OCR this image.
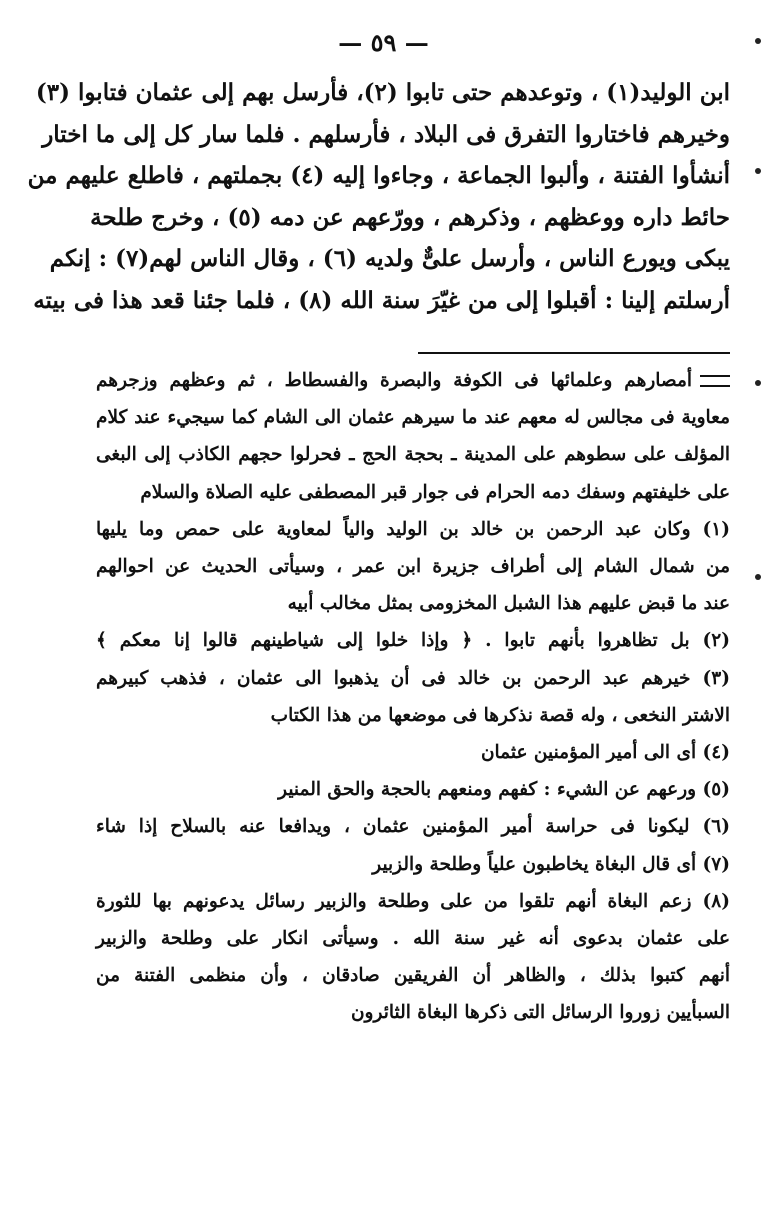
— ٥٩ —
ابن الوليد(١) ، وتوعدهم حتى تابوا (٢)، فأرسل بهم إلى عثمان فتابوا (٣)
وخيرهم فاختاروا التفرق فى البلاد ، فأرسلهم . فلما سار كل إلى ما اختار
أنشأوا الفتنة ، وألبوا الجماعة ، وجاءوا إليه (٤) بجملتهم ، فاطلع عليهم من
حائط داره ووعظهم ، وذكرهم ، وورّعهم عن دمه (٥) ، وخرج طلحة
يبكى ويورع الناس ، وأرسل علىٌّ ولديه (٦) ، وقال الناس لهم(٧) : إنكم
أرسلتم إلينا : أقبلوا إلى من غيّرَ سنة الله (٨) ، فلما جئنا قعد هذا فى بيته
أمصارهم وعلمائها فى الكوفة والبصرة والفسطاط ، ثم وعظهم وزجرهم
معاوية فى مجالس له معهم عند ما سيرهم عثمان الى الشام كما سيجيء عند كلام
المؤلف على سطوهم على المدينة ـ بحجة الحج ـ فحرلوا حجهم الكاذب إلى البغى
على خليفتهم وسفك دمه الحرام فى جوار قبر المصطفى عليه الصلاة والسلام
(١) وكان عبد الرحمن بن خالد بن الوليد والياً لمعاوية على حمص وما يليها
من شمال الشام إلى أطراف جزيرة ابن عمر ، وسيأتى الحديث عن احوالهم
عند ما قبض عليهم هذا الشبل المخزومى بمثل مخالب أبيه
(٢) بل تظاهروا بأنهم تابوا . ﴿ وإذا خلوا إلى شياطينهم قالوا إنا معكم ﴾
(٣) خيرهم عبد الرحمن بن خالد فى أن يذهبوا الى عثمان ، فذهب كبيرهم
الاشتر النخعى ، وله قصة نذكرها فى موضعها من هذا الكتاب
(٤) أى الى أمير المؤمنين عثمان
(٥) ورعهم عن الشيء : كفهم ومنعهم بالحجة والحق المنير
(٦) ليكونا فى حراسة أمير المؤمنين عثمان ، ويدافعا عنه بالسلاح إذا شاء
(٧) أى قال البغاة يخاطبون علياً وطلحة والزبير
(٨) زعم البغاة أنهم تلقوا من على وطلحة والزبير رسائل يدعونهم بها للثورة
على عثمان بدعوى أنه غير سنة الله . وسيأتى انكار على وطلحة والزبير
أنهم كتبوا بذلك ، والظاهر أن الفريقين صادقان ، وأن منظمى الفتنة من
السبأيين زوروا الرسائل التى ذكرها البغاة الثائرون
